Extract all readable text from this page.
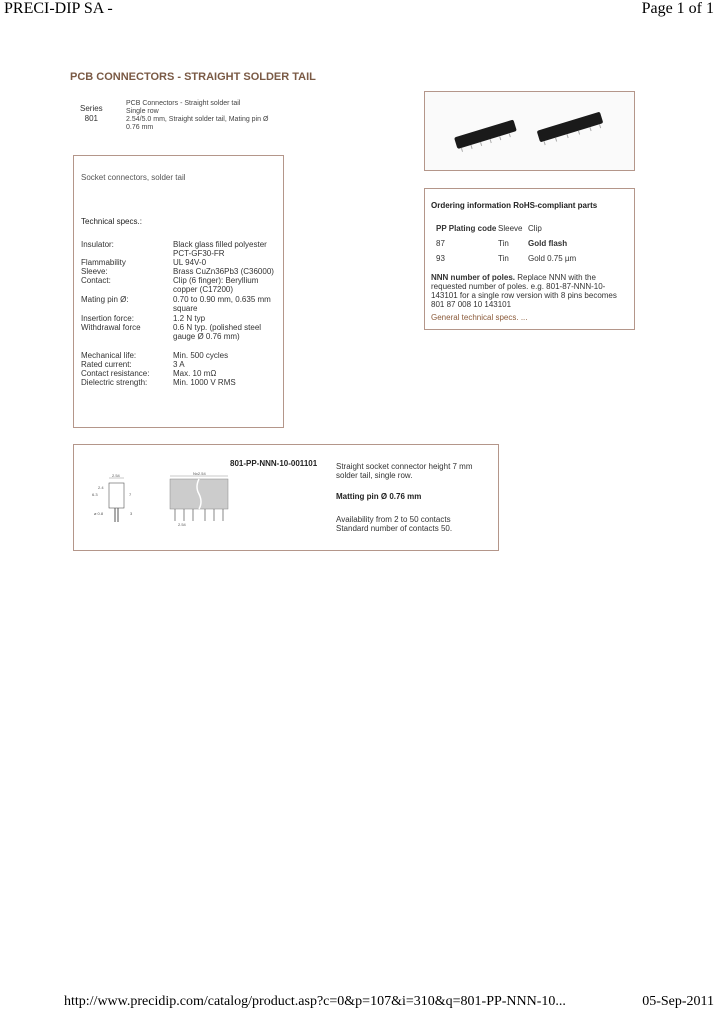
PRECI-DIP SA -	Page 1 of 1
PCB CONNECTORS - STRAIGHT SOLDER TAIL
Series
801
PCB Connectors - Straight solder tail
Single row
2.54/5.0 mm, Straight solder tail, Mating pin Ø 0.76 mm
Socket connectors, solder tail
Technical specs.:
Insulator:	Black glass filled polyester PCT-GF30-FR
Flammability	UL 94V-0
Sleeve:	Brass CuZn36Pb3 (C36000)
Contact:	Clip (6 finger): Beryllium copper (C17200)
Mating pin Ø:	0.70 to 0.90 mm, 0.635 mm square
Insertion force:	1.2 N typ
Withdrawal force	0.6 N typ. (polished steel gauge Ø 0.76 mm)
Mechanical life:	Min. 500 cycles
Rated current:	3 A
Contact resistance:	Max. 10 mΩ
Dielectric strength:	Min. 1000 V RMS
Ordering information RoHS-compliant parts
PP Plating code	Sleeve	Clip
87	Tin	Gold flash
93	Tin	Gold 0.75 µm
NNN number of poles. Replace NNN with the requested number of poles. e.g. 801-87-NNN-10-143101 for a single row version with 8 pins becomes 801 87 008 10 143101
General technical specs. ...
2.54
2.4
6.3	7
ø 0.8	3
Nx2.54
2.54
801-PP-NNN-10-001101 Straight socket connector height 7 mm solder tail, single row.
Matting pin Ø 0.76 mm
Availability from 2 to 50 contacts
Standard number of contacts 50.
http://www.precidip.com/catalog/product.asp?c=0&p=107&i=310&q=801-PP-NNN-10...	05-Sep-2011
